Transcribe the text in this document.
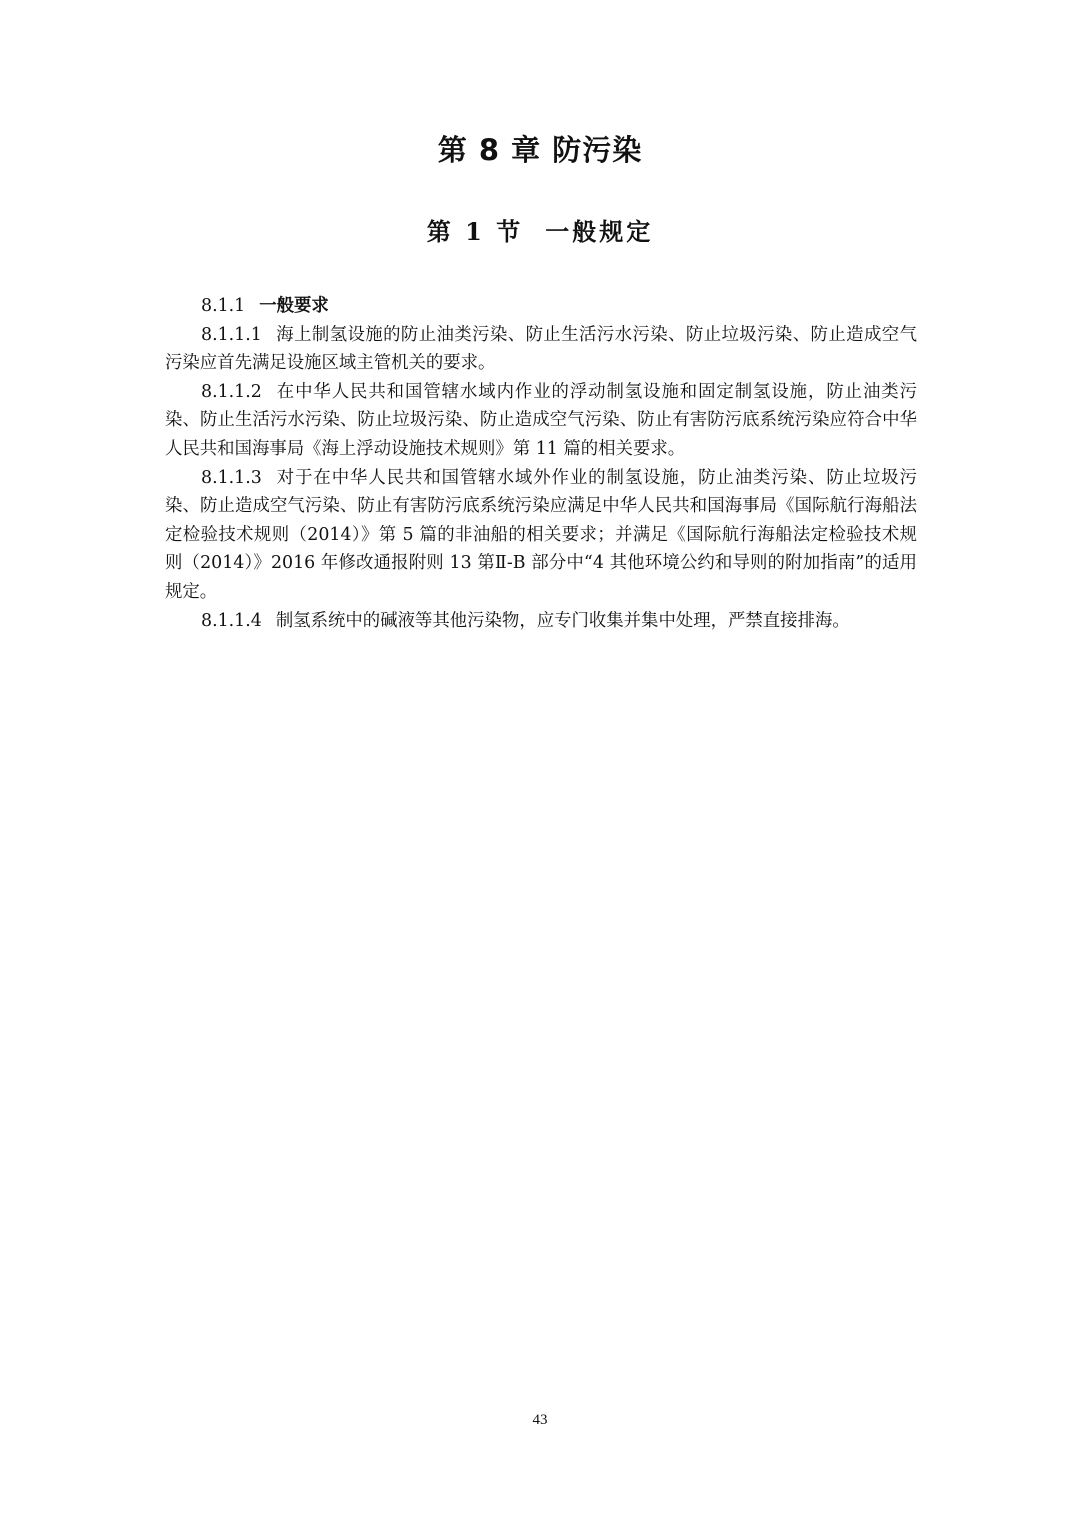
第 8 章 防污染
第 1 节 一般规定

8.1.1 一般要求

8.1.1.1 海上制氢设施的防止油类污染、防止生活污水污染、防止垃圾污染、防止造成空气污染应首先满足设施区域主管机关的要求。

8.1.1.2 在中华人民共和国管辖水域内作业的浮动制氢设施和固定制氢设施，防止油类污染、防止生活污水污染、防止垃圾污染、防止造成空气污染、防止有害防污底系统污染应符合中华人民共和国海事局《海上浮动设施技术规则》第 11 篇的相关要求。

8.1.1.3 对于在中华人民共和国管辖水域外作业的制氢设施，防止油类污染、防止垃圾污染、防止造成空气污染、防止有害防污底系统污染应满足中华人民共和国海事局《国际航行海船法定检验技术规则（2014）》第 5 篇的非油船的相关要求；并满足《国际航行海船法定检验技术规则（2014）》2016 年修改通报附则 13 第Ⅱ-B 部分中“4 其他环境公约和导则的附加指南”的适用规定。

8.1.1.4 制氢系统中的碱液等其他污染物，应专门收集并集中处理，严禁直接排海。

43
